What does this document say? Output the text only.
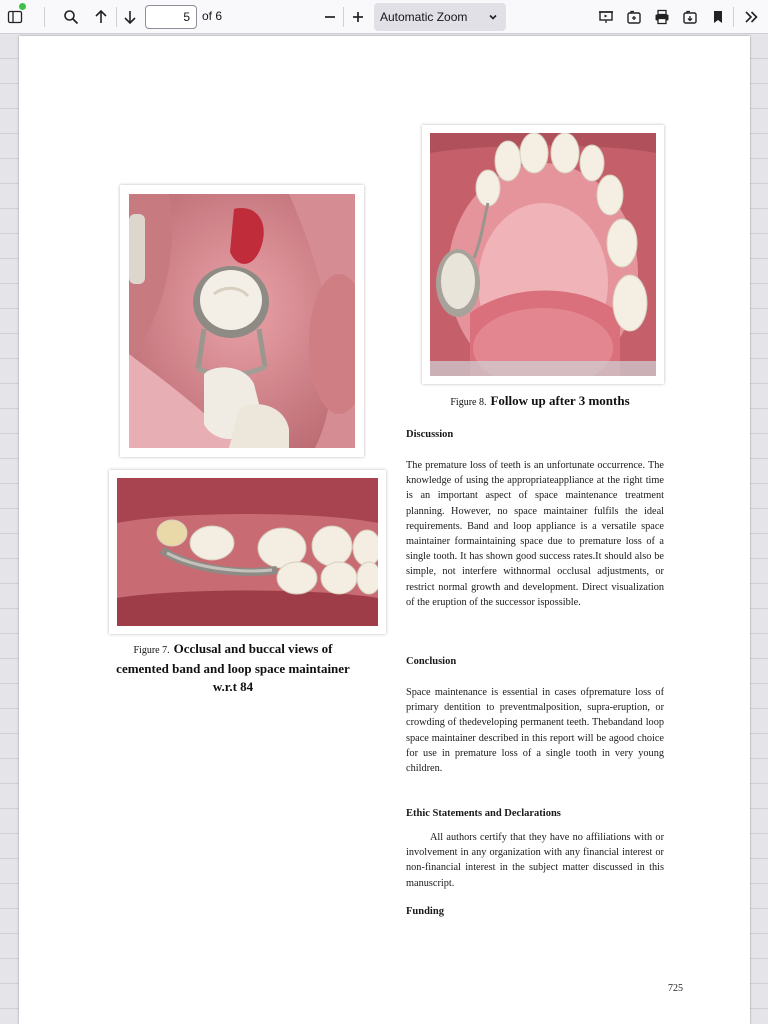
5
of 6	Automatic Zoom
Figure 8. Follow up after 3 months
Figure 7. Occlusal and buccal views of
cemented band and loop space maintainer
w.r.t 84
Discussion
The premature loss of teeth is an unfortunate occurrence. The knowledge of using the appropriateappliance at the right time is an important aspect of space maintenance treatment planning. However, no space maintainer fulfils the ideal requirements. Band and loop appliance is a versatile space maintainer formaintaining space due to premature loss of a single tooth. It has shown good success rates.It should also be simple, not interfere withnormal occlusal adjustments, or restrict normal growth and development. Direct visualization of the eruption of the successor ispossible.
Conclusion
Space maintenance is essential in cases ofpremature loss of primary dentition to preventmalposition, supra-eruption, or crowding of thedeveloping permanent teeth. Thebandand loop space maintainer described in this report will be agood choice for use in premature loss of a single tooth in very young children.
Ethic Statements and Declarations
All authors certify that they have no affiliations with or involvement in any organization with any financial interest or non-financial interest in the subject matter discussed in this manuscript.
Funding
725
